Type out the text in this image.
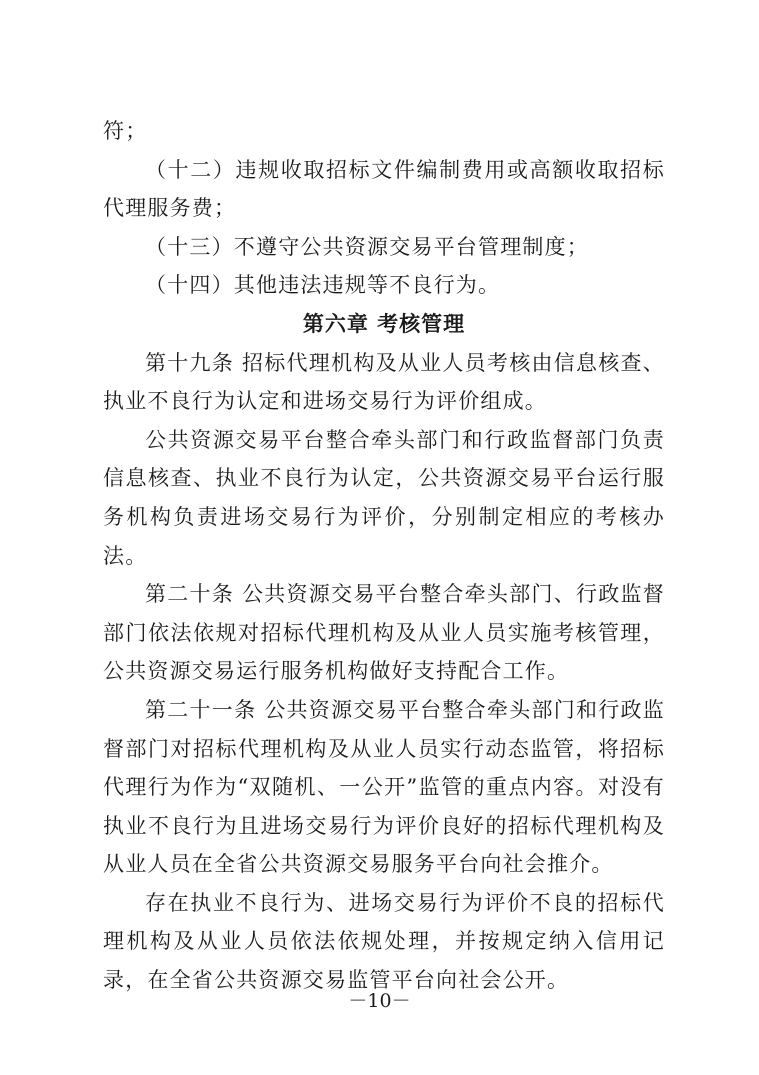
符；

（十二）违规收取招标文件编制费用或高额收取招标代理服务费；

（十三）不遵守公共资源交易平台管理制度；

（十四）其他违法违规等不良行为。

第六章 考核管理

第十九条 招标代理机构及从业人员考核由信息核查、执业不良行为认定和进场交易行为评价组成。

公共资源交易平台整合牵头部门和行政监督部门负责信息核查、执业不良行为认定，公共资源交易平台运行服务机构负责进场交易行为评价，分别制定相应的考核办法。

第二十条 公共资源交易平台整合牵头部门、行政监督部门依法依规对招标代理机构及从业人员实施考核管理，公共资源交易运行服务机构做好支持配合工作。

第二十一条 公共资源交易平台整合牵头部门和行政监督部门对招标代理机构及从业人员实行动态监管，将招标代理行为作为“双随机、一公开”监管的重点内容。对没有执业不良行为且进场交易行为评价良好的招标代理机构及从业人员在全省公共资源交易服务平台向社会推介。

存在执业不良行为、进场交易行为评价不良的招标代理机构及从业人员依法依规处理，并按规定纳入信用记录，在全省公共资源交易监管平台向社会公开。

－10－
